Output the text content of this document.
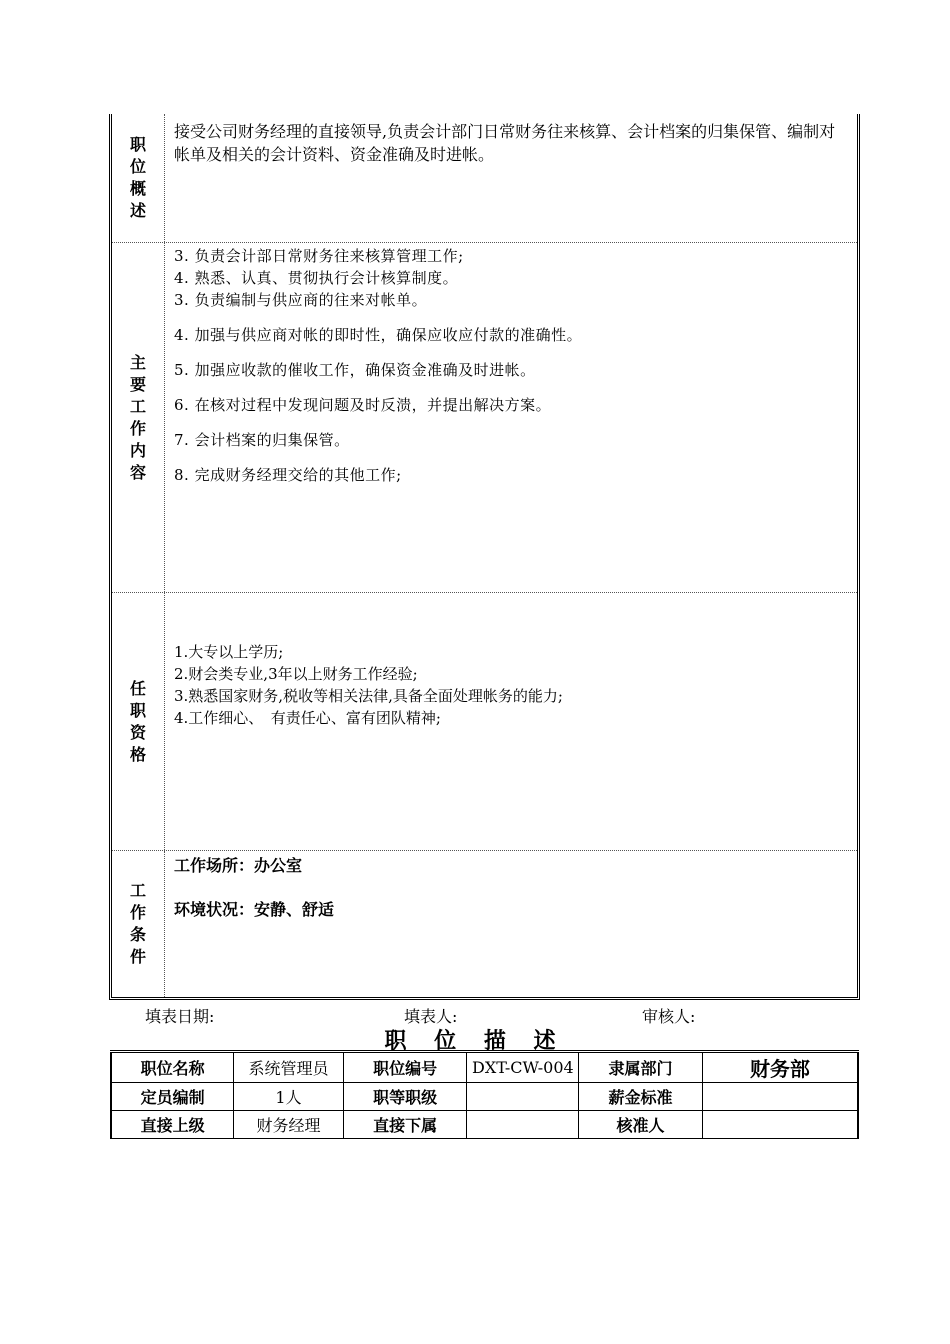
职位概述
接受公司财务经理的直接领导,负责会计部门日常财务往来核算、会计档案的归集保管、编制对帐单及相关的会计资料、资金准确及时进帐。
主要工作内容
3. 负责会计部日常财务往来核算管理工作;
4. 熟悉、认真、贯彻执行会计核算制度。
3. 负责编制与供应商的往来对帐单。
4. 加强与供应商对帐的即时性，确保应收应付款的准确性。
5. 加强应收款的催收工作，确保资金准确及时进帐。
6. 在核对过程中发现问题及时反溃，并提出解决方案。
7. 会计档案的归集保管。
8. 完成财务经理交给的其他工作;
任职资格
1.大专以上学历;
2.财会类专业,3年以上财务工作经验;
3.熟悉国家财务,税收等相关法律,具备全面处理帐务的能力;
4.工作细心、　有责任心、富有团队精神;
工作条件
工作场所：办公室
环境状况：安静、舒适
填表日期:	填表人:	审核人:
职 位 描 述
职位名称	系统管理员	职位编号	DXT-CW-004	隶属部门	财务部
定员编制	1人	职等职级		薪金标准	
直接上级	财务经理	直接下属		核准人	
